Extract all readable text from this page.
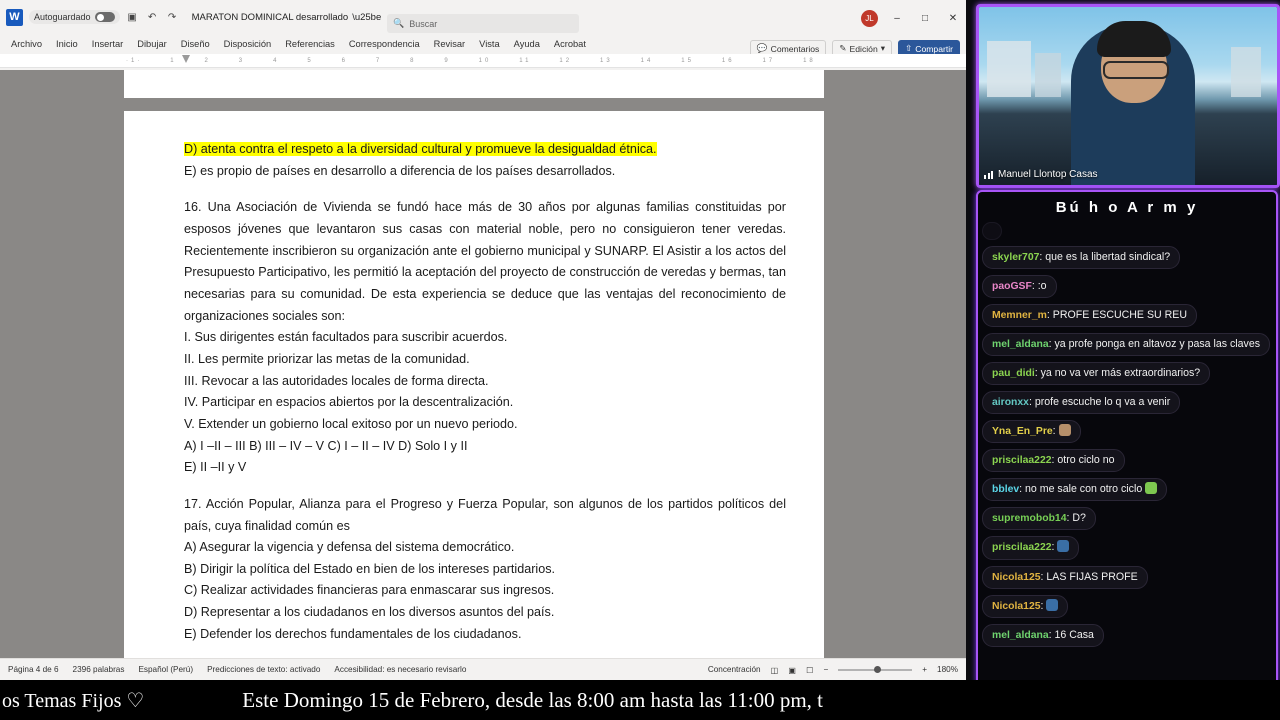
W	Autoguardado	▣	↶	↷	MARATON DOMINICAL desarrollado \u25be
🔍 Buscar	JL	–	□	✕
Archivo	Inicio	Insertar	Dibujar	Diseño	Disposición	Referencias	Correspondencia	Revisar	Vista	Ayuda	Acrobat	💬 Comentarios ✎ Edición ▾ ⇧ Compartir
·1·	1	2	3	4	5	6	7	8	9	10	11	12	13	14	15	16	17	18

D) atenta contra el respeto a la diversidad cultural y promueve la desigualdad étnica.

E) es propio de países en desarrollo a diferencia de los países desarrollados.

16. Una Asociación de Vivienda se fundó hace más de 30 años por algunas familias constituidas por esposos jóvenes que levantaron sus casas con material noble, pero no consiguieron tener veredas. Recientemente inscribieron su organización ante el gobierno municipal y SUNARP. El Asistir a los actos del Presupuesto Participativo, les permitió la aceptación del proyecto de construcción de veredas y bermas, tan necesarias para su comunidad. De esta experiencia se deduce que las ventajas del reconocimiento de organizaciones sociales son:

I. Sus dirigentes están facultados para suscribir acuerdos.

II. Les permite priorizar las metas de la comunidad.

III. Revocar a las autoridades locales de forma directa.

IV. Participar en espacios abiertos por la descentralización.

V. Extender un gobierno local exitoso por un nuevo periodo.

A) I –II – III B) III – IV – V C) I – II – IV D) Solo I y II

E) II –II y V

17. Acción Popular, Alianza para el Progreso y Fuerza Popular, son algunos de los partidos políticos del país, cuya finalidad común es

A) Asegurar la vigencia y defensa del sistema democrático.

B) Dirigir la política del Estado en bien de los intereses partidarios.

C) Realizar actividades financieras para enmascarar sus ingresos.

D) Representar a los ciudadanos en los diversos asuntos del país.

E) Defender los derechos fundamentales de los ciudadanos.

Página 4 de 6 2396 palabras Español (Perú) Predicciones de texto: activado Accesibilidad: es necesario revisarlo	Concentración ◫ ▣ ☐ −	+ 180%
Manuel Llontop Casas
Bú h o A r m y
skyler707: que es la libertad sindical?
paoGSF: :o
Memner_m: PROFE ESCUCHE SU REU
mel_aldana: ya profe ponga en altavoz y pasa las claves
pau_didi: ya no va ver más extraordinarios?
aironxx: profe escuche lo q va a venir
Yna_En_Pre:
priscilaa222: otro ciclo no
bblev: no me sale con otro ciclo
supremobob14: D?
priscilaa222:
Nicola125: LAS FIJAS PROFE
Nicola125:
mel_aldana: 16 Casa
os Temas Fijos ♡	Este Domingo 15 de Febrero, desde las 8:00 am hasta las 11:00 pm, t
